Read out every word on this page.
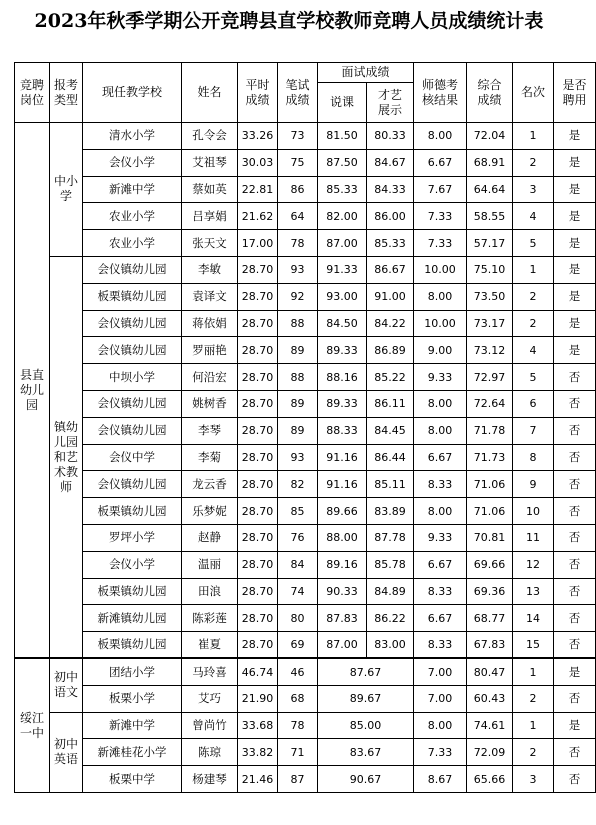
2023年秋季学期公开竞聘县直学校教师竞聘人员成绩统计表
竞聘岗位	报考类型	现任教学校	姓名	平时成绩	笔试成绩	面试成绩		师德考核结果	综合成绩	名次	是否聘用

						说课	才艺展示				

县直幼儿园	中小学	清水小学	孔令会	33.26	73	81.50	80.33	8.00	72.04	1	是
		会仪小学	艾祖琴	30.03	75	87.50	84.67	6.67	68.91	2	是
		新滩中学	蔡如英	22.81	86	85.33	84.33	7.67	64.64	3	是
		农业小学	吕享娟	21.62	64	82.00	86.00	7.33	58.55	4	是
		农业小学	张天文	17.00	78	87.00	85.33	7.33	57.17	5	是

	镇幼儿园和艺术教师	会仪镇幼儿园	李敏	28.70	93	91.33	86.67	10.00	75.10	1	是
		板栗镇幼儿园	袁译文	28.70	92	93.00	91.00	8.00	73.50	2	是
		会仪镇幼儿园	蒋依娟	28.70	88	84.50	84.22	10.00	73.17	2	是
		会仪镇幼儿园	罗丽艳	28.70	89	89.33	86.89	9.00	73.12	4	是
		中坝小学	何沿宏	28.70	88	88.16	85.22	9.33	72.97	5	否
		会仪镇幼儿园	姚树香	28.70	89	89.33	86.11	8.00	72.64	6	否
		会仪镇幼儿园	李琴	28.70	89	88.33	84.45	8.00	71.78	7	否
		会仪中学	李菊	28.70	93	91.16	86.44	6.67	71.73	8	否
		会仪镇幼儿园	龙云香	28.70	82	91.16	85.11	8.33	71.06	9	否
		板栗镇幼儿园	乐梦妮	28.70	85	89.66	83.89	8.00	71.06	10	否
		罗坪小学	赵静	28.70	76	88.00	87.78	9.33	70.81	11	否
		会仪小学	温丽	28.70	84	89.16	85.78	6.67	69.66	12	否
		板栗镇幼儿园	田浪	28.70	74	90.33	84.89	8.33	69.36	13	否
		新滩镇幼儿园	陈彩莲	28.70	80	87.83	86.22	6.67	68.77	14	否
		板栗镇幼儿园	崔夏	28.70	69	87.00	83.00	8.33	67.83	15	否

绥江一中	初中语文	团结小学	马玲喜	46.74	46	87.67		7.00	80.47	1	是
		板栗小学	艾巧	21.90	68	89.67		7.00	60.43	2	否

	初中英语	新滩中学	曾尚竹	33.68	78	85.00		8.00	74.61	1	是
		新滩桂花小学	陈琼	33.82	71	83.67		7.33	72.09	2	否
		板栗中学	杨建琴	21.46	87	90.67		8.67	65.66	3	否
